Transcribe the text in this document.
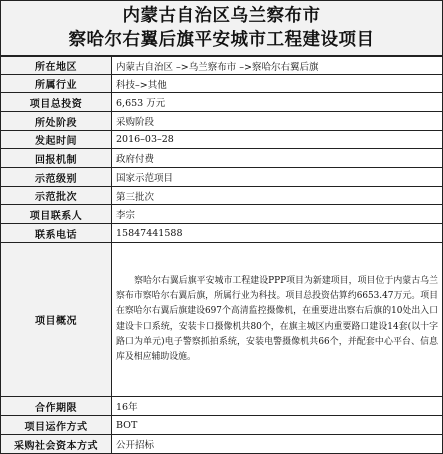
内蒙古自治区乌兰察布市
察哈尔右翼后旗平安城市工程建设项目
所在地区	内蒙古自治区 –>乌兰察布市 –>察哈尔右翼后旗
所属行业	科技–>其他
项目总投资	6,653 万元
所处阶段	采购阶段
发起时间	2016–03–28
回报机制	政府付费
示范级别	国家示范项目
示范批次	第三批次
项目联系人	李宗
联系电话	15847441588
项目概况	察哈尔右翼后旗平安城市工程建设PPP项目为新建项目，项目位于内蒙古乌兰察布市察哈尔右翼后旗，所属行业为科技。项目总投资估算约6653.47万元。项目在察哈尔右翼后旗建设697个高清监控摄像机，在重要进出察右后旗的10处出入口建设卡口系统，安装卡口摄像机共80个，在旗主城区内重要路口建设14套(以十字路口为单元)电子警察抓拍系统，安装电警摄像机共66个，并配套中心平台、信息库及相应辅助设施。
合作期限	16年
项目运作方式	BOT
采购社会资本方式	公开招标
